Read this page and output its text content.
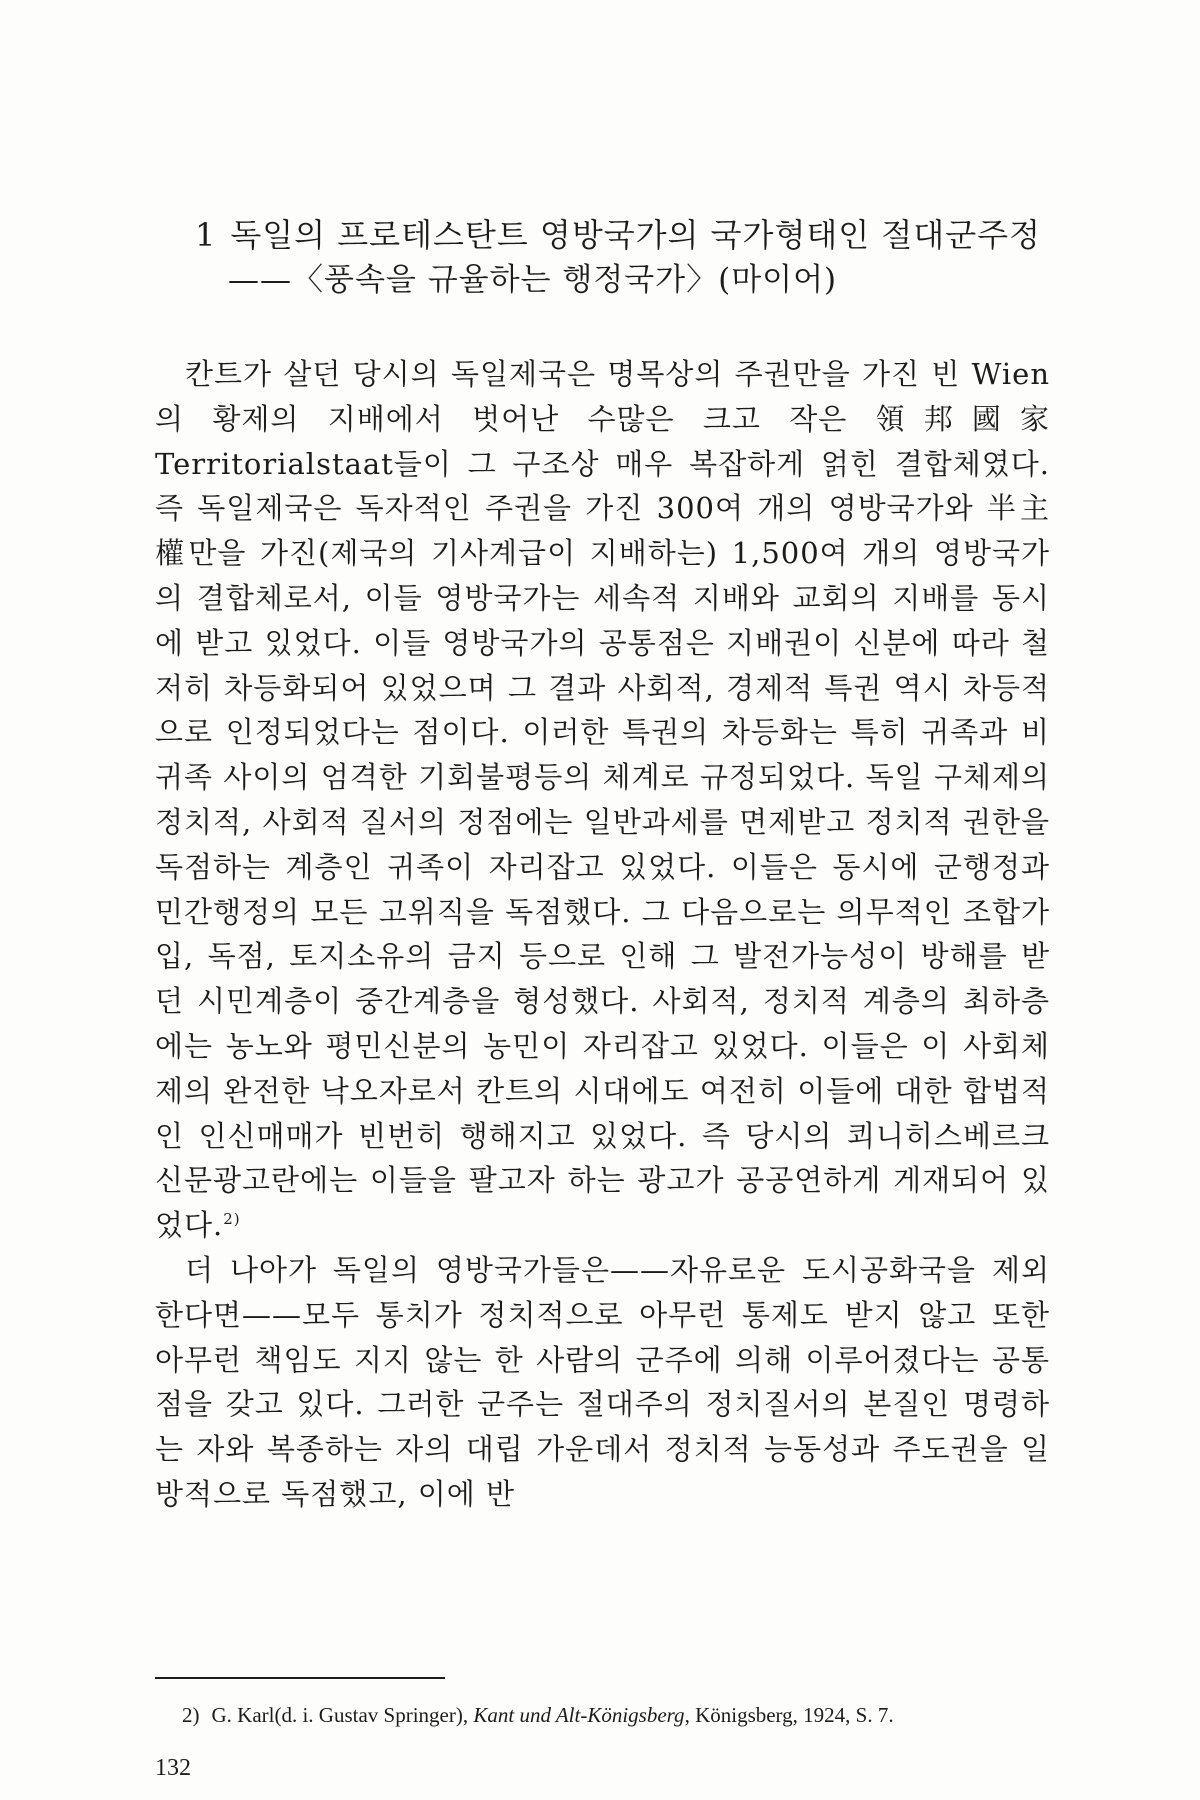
1 독일의 프로테스탄트 영방국가의 국가형태인 절대군주정
——〈풍속을 규율하는 행정국가〉(마이어)

칸트가 살던 당시의 독일제국은 명목상의 주권만을 가진 빈 Wien의 황제의 지배에서 벗어난 수많은 크고 작은 領邦國家 Territorialstaat들이 그 구조상 매우 복잡하게 얽힌 결합체였다. 즉 독일제국은 독자적인 주권을 가진 300여 개의 영방국가와 半主權만을 가진(제국의 기사계급이 지배하는) 1,500여 개의 영방국가의 결합체로서, 이들 영방국가는 세속적 지배와 교회의 지배를 동시에 받고 있었다. 이들 영방국가의 공통점은 지배권이 신분에 따라 철저히 차등화되어 있었으며 그 결과 사회적, 경제적 특권 역시 차등적으로 인정되었다는 점이다. 이러한 특권의 차등화는 특히 귀족과 비귀족 사이의 엄격한 기회불평등의 체계로 규정되었다. 독일 구체제의 정치적, 사회적 질서의 정점에는 일반과세를 면제받고 정치적 권한을 독점하는 계층인 귀족이 자리잡고 있었다. 이들은 동시에 군행정과 민간행정의 모든 고위직을 독점했다. 그 다음으로는 의무적인 조합가입, 독점, 토지소유의 금지 등으로 인해 그 발전가능성이 방해를 받던 시민계층이 중간계층을 형성했다. 사회적, 정치적 계층의 최하층에는 농노와 평민신분의 농민이 자리잡고 있었다. 이들은 이 사회체제의 완전한 낙오자로서 칸트의 시대에도 여전히 이들에 대한 합법적인 인신매매가 빈번히 행해지고 있었다. 즉 당시의 쾨니히스베르크 신문광고란에는 이들을 팔고자 하는 광고가 공공연하게 게재되어 있었다.$^{2)}$

더 나아가 독일의 영방국가들은——자유로운 도시공화국을 제외한다면——모두 통치가 정치적으로 아무런 통제도 받지 않고 또한 아무런 책임도 지지 않는 한 사람의 군주에 의해 이루어졌다는 공통점을 갖고 있다. 그러한 군주는 절대주의 정치질서의 본질인 명령하는 자와 복종하는 자의 대립 가운데서 정치적 능동성과 주도권을 일방적으로 독점했고, 이에 반

2) G. Karl(d. i. Gustav Springer), Kant und Alt-Königsberg, Königsberg, 1924, S. 7.
132
